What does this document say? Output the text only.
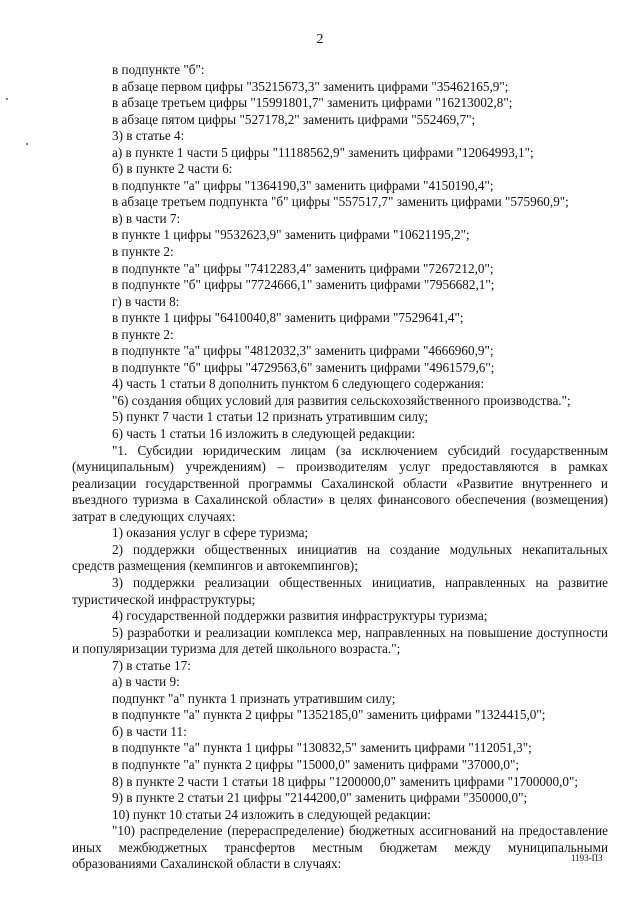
2
в подпункте "б":
в абзаце первом цифры "35215673,3" заменить цифрами "35462165,9";
в абзаце третьем цифры "15991801,7" заменить цифрами "16213002,8";
в абзаце пятом цифры "527178,2" заменить цифрами "552469,7";
3) в статье 4:
а) в пункте 1 части 5 цифры "11188562,9" заменить цифрами "12064993,1";
б) в пункте 2 части 6:
в подпункте "а" цифры "1364190,3" заменить цифрами "4150190,4";
в абзаце третьем подпункта "б" цифры "557517,7" заменить цифрами "575960,9";
в) в части 7:
в пункте 1 цифры "9532623,9" заменить цифрами "10621195,2";
в пункте 2:
в подпункте "а" цифры "7412283,4" заменить цифрами "7267212,0";
в подпункте "б" цифры "7724666,1" заменить цифрами "7956682,1";
г) в части 8:
в пункте 1 цифры "6410040,8" заменить цифрами "7529641,4";
в пункте 2:
в подпункте "а" цифры "4812032,3" заменить цифрами "4666960,9";
в подпункте "б" цифры "4729563,6" заменить цифрами "4961579,6";
4) часть 1 статьи 8 дополнить пунктом 6 следующего содержания:
"6) создания общих условий для развития сельскохозяйственного производства.";
5) пункт 7 части 1 статьи 12 признать утратившим силу;
6) часть 1 статьи 16 изложить в следующей редакции:
"1. Субсидии юридическим лицам (за исключением субсидий государственным
(муниципальным) учреждениям) – производителям услуг предоставляются в рамках
реализации государственной программы Сахалинской области «Развитие внутреннего и
въездного туризма в Сахалинской области» в целях финансового обеспечения (возмещения)
затрат в следующих случаях:
1) оказания услуг в сфере туризма;
2) поддержки общественных инициатив на создание модульных некапитальных
средств размещения (кемпингов и автокемпингов);
3) поддержки реализации общественных инициатив, направленных на развитие
туристической инфраструктуры;
4) государственной поддержки развития инфраструктуры туризма;
5) разработки и реализации комплекса мер, направленных на повышение доступности
и популяризации туризма для детей школьного возраста.";
7) в статье 17:
а) в части 9:
подпункт "а" пункта 1 признать утратившим силу;
в подпункте "а" пункта 2 цифры "1352185,0" заменить цифрами "1324415,0";
б) в части 11:
в подпункте "а" пункта 1 цифры "130832,5" заменить цифрами "112051,3";
в подпункте "а" пункта 2 цифры "15000,0" заменить цифрами "37000,0";
8) в пункте 2 части 1 статьи 18 цифры "1200000,0" заменить цифрами "1700000,0";
9) в пункте 2 статьи 21 цифры "2144200,0" заменить цифрами "350000,0";
10) пункт 10 статьи 24 изложить в следующей редакции:
"10) распределение (перераспределение) бюджетных ассигнований на предоставление
иных межбюджетных трансфертов местным бюджетам между муниципальными
образованиями Сахалинской области в случаях:	1193-ПЗ
